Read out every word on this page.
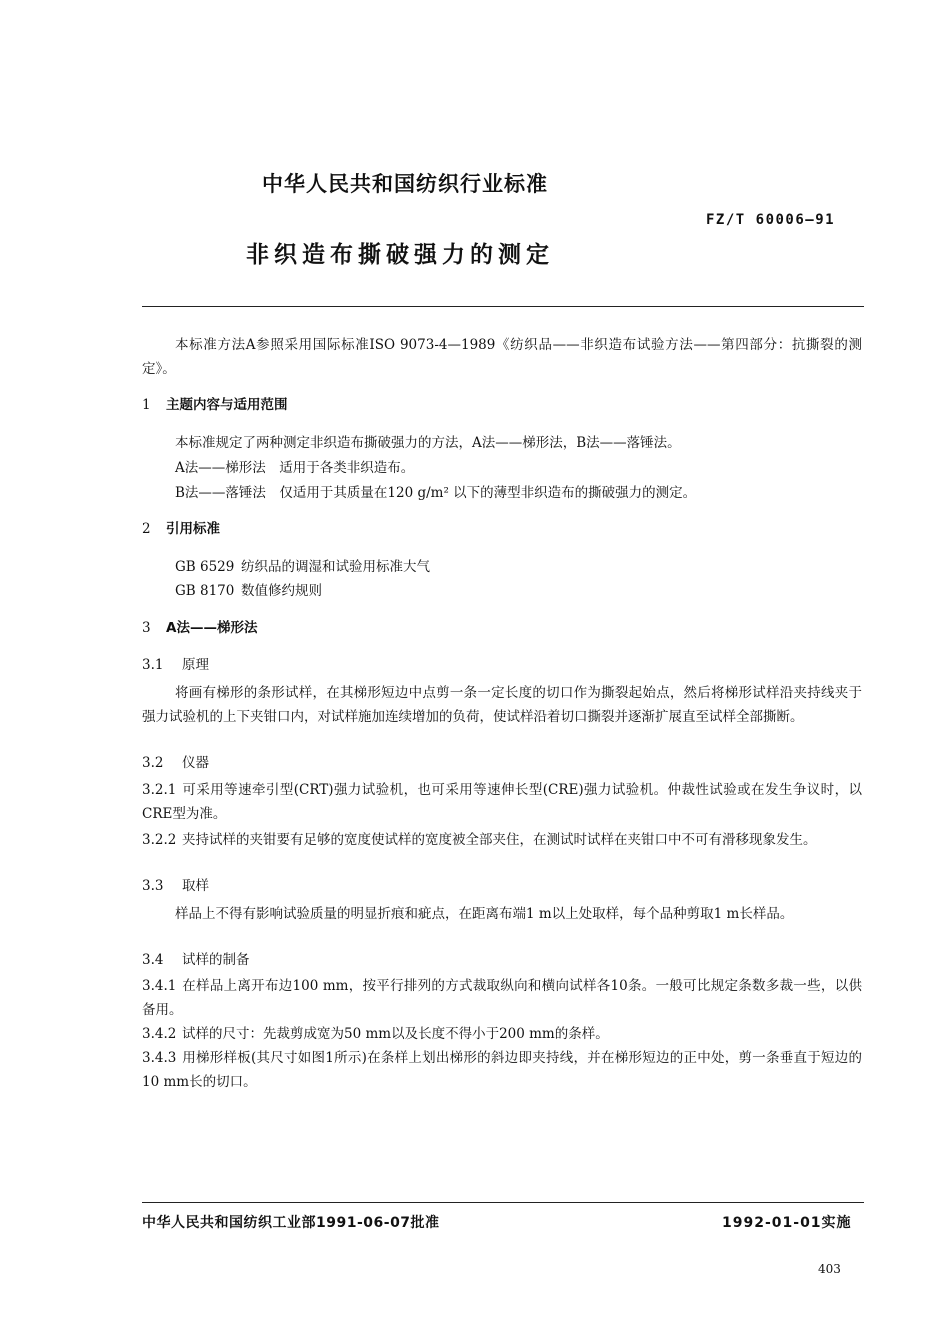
中华人民共和国纺织行业标准
FZ/T 60006—91
非织造布撕破强力的测定
本标准方法A参照采用国际标准ISO 9073-4—1989《纺织品——非织造布试验方法——第四部分：抗撕裂的测定》。
1 主题内容与适用范围
本标准规定了两种测定非织造布撕破强力的方法，A法——梯形法，B法——落锤法。
A法——梯形法　适用于各类非织造布。
B法——落锤法　仅适用于其质量在120 g/m² 以下的薄型非织造布的撕破强力的测定。
2 引用标准
GB 6529 纺织品的调湿和试验用标准大气
GB 8170 数值修约规则
3 A法——梯形法
3.1 原理
将画有梯形的条形试样，在其梯形短边中点剪一条一定长度的切口作为撕裂起始点，然后将梯形试样沿夹持线夹于强力试验机的上下夹钳口内，对试样施加连续增加的负荷，使试样沿着切口撕裂并逐渐扩展直至试样全部撕断。
3.2 仪器
3.2.1 可采用等速牵引型(CRT)强力试验机，也可采用等速伸长型(CRE)强力试验机。仲裁性试验或在发生争议时，以CRE型为准。
3.2.2 夹持试样的夹钳要有足够的宽度使试样的宽度被全部夹住，在测试时试样在夹钳口中不可有滑移现象发生。
3.3 取样
样品上不得有影响试验质量的明显折痕和疵点，在距离布端1 m以上处取样，每个品种剪取1 m长样品。
3.4 试样的制备
3.4.1 在样品上离开布边100 mm，按平行排列的方式裁取纵向和横向试样各10条。一般可比规定条数多裁一些，以供备用。
3.4.2 试样的尺寸：先裁剪成宽为50 mm以及长度不得小于200 mm的条样。
3.4.3 用梯形样板(其尺寸如图1所示)在条样上划出梯形的斜边即夹持线，并在梯形短边的正中处，剪一条垂直于短边的10 mm长的切口。
中华人民共和国纺织工业部1991-06-07批准	1992-01-01实施
403
